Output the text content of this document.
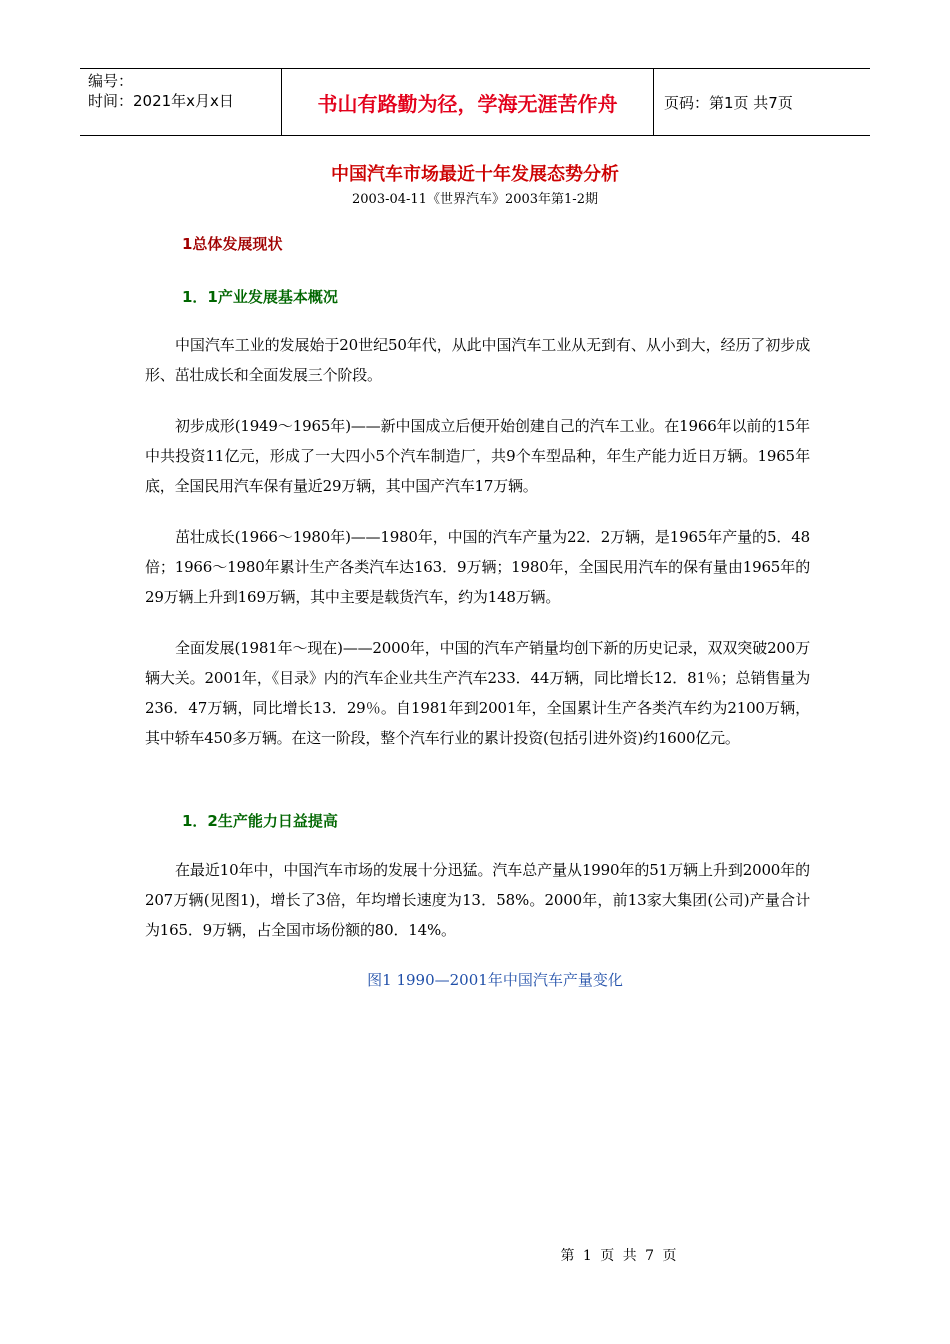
编号：
时间：2021年x月x日	书山有路勤为径，学海无涯苦作舟	页码：第1页 共7页
中国汽车市场最近十年发展态势分析
2003-04-11《世界汽车》2003年第1-2期
1总体发展现状
1．1产业发展基本概况
中国汽车工业的发展始于20世纪50年代，从此中国汽车工业从无到有、从小到大，经历了初步成形、茁壮成长和全面发展三个阶段。
初步成形(1949～1965年)——新中国成立后便开始创建自己的汽车工业。在1966年以前的15年中共投资11亿元，形成了一大四小5个汽车制造厂，共9个车型品种，年生产能力近日万辆。1965年底，全国民用汽车保有量近29万辆，其中国产汽车17万辆。
茁壮成长(1966～1980年)——1980年，中国的汽车产量为22．2万辆，是1965年产量的5．48倍；1966～1980年累计生产各类汽车达163．9万辆；1980年，全国民用汽车的保有量由1965年的29万辆上升到169万辆，其中主要是载货汽车，约为148万辆。
全面发展(1981年～现在)——2000年，中国的汽车产销量均创下新的历史记录，双双突破200万辆大关。2001年，《目录》内的汽车企业共生产汽车233．44万辆，同比增长12．81％；总销售量为236．47万辆，同比增长13．29％。自1981年到2001年，全国累计生产各类汽车约为2100万辆，其中轿车450多万辆。在这一阶段，整个汽车行业的累计投资(包括引进外资)约1600亿元。
1．2生产能力日益提高
在最近10年中，中国汽车市场的发展十分迅猛。汽车总产量从1990年的51万辆上升到2000年的207万辆(见图1)，增长了3倍，年均增长速度为13．58%。2000年，前13家大集团(公司)产量合计为165．9万辆，占全国市场份额的80．14%。
图1 1990—2001年中国汽车产量变化
第 1 页 共 7 页
